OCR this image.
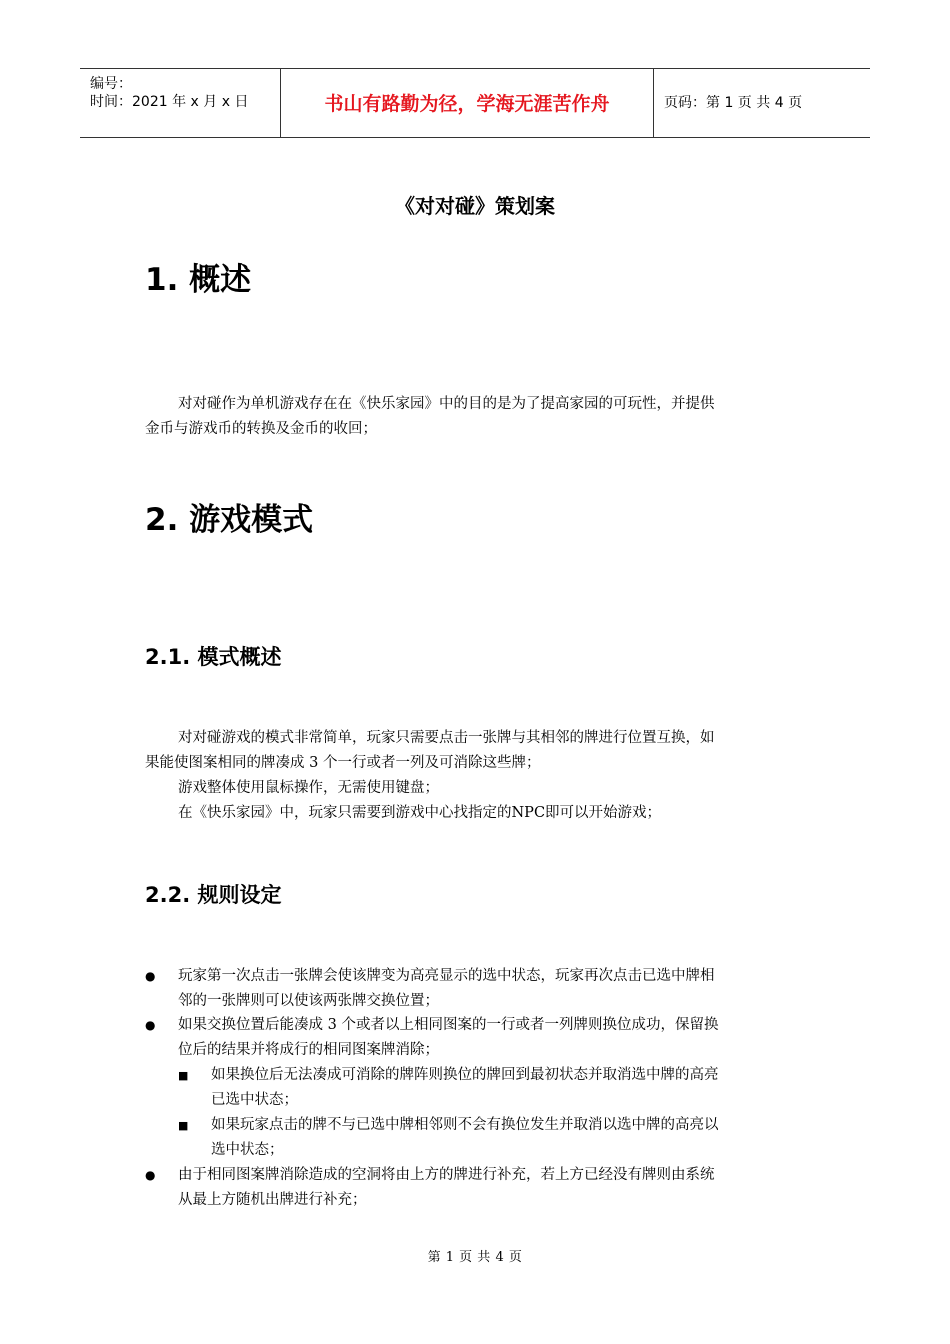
编号：
时间：2021 年 x 月 x 日	书山有路勤为径，学海无涯苦作舟	页码：第 1 页 共 4 页
《对对碰》策划案
1. 概述
对对碰作为单机游戏存在在《快乐家园》中的目的是为了提高家园的可玩性，并提供
金币与游戏币的转换及金币的收回；
2. 游戏模式
2.1. 模式概述
对对碰游戏的模式非常简单，玩家只需要点击一张牌与其相邻的牌进行位置互换，如
果能使图案相同的牌凑成 3 个一行或者一列及可消除这些牌；
游戏整体使用鼠标操作，无需使用键盘；
在《快乐家园》中，玩家只需要到游戏中心找指定的NPC即可以开始游戏；
2.2. 规则设定
●	玩家第一次点击一张牌会使该牌变为高亮显示的选中状态，玩家再次点击已选中牌相
邻的一张牌则可以使该两张牌交换位置；
●	如果交换位置后能凑成 3 个或者以上相同图案的一行或者一列牌则换位成功，保留换
位后的结果并将成行的相同图案牌消除；
■ 如果换位后无法凑成可消除的牌阵则换位的牌回到最初状态并取消选中牌的高亮
已选中状态；
■ 如果玩家点击的牌不与已选中牌相邻则不会有换位发生并取消以选中牌的高亮以
选中状态；
●	由于相同图案牌消除造成的空洞将由上方的牌进行补充，若上方已经没有牌则由系统
从最上方随机出牌进行补充；
第 1 页 共 4 页
